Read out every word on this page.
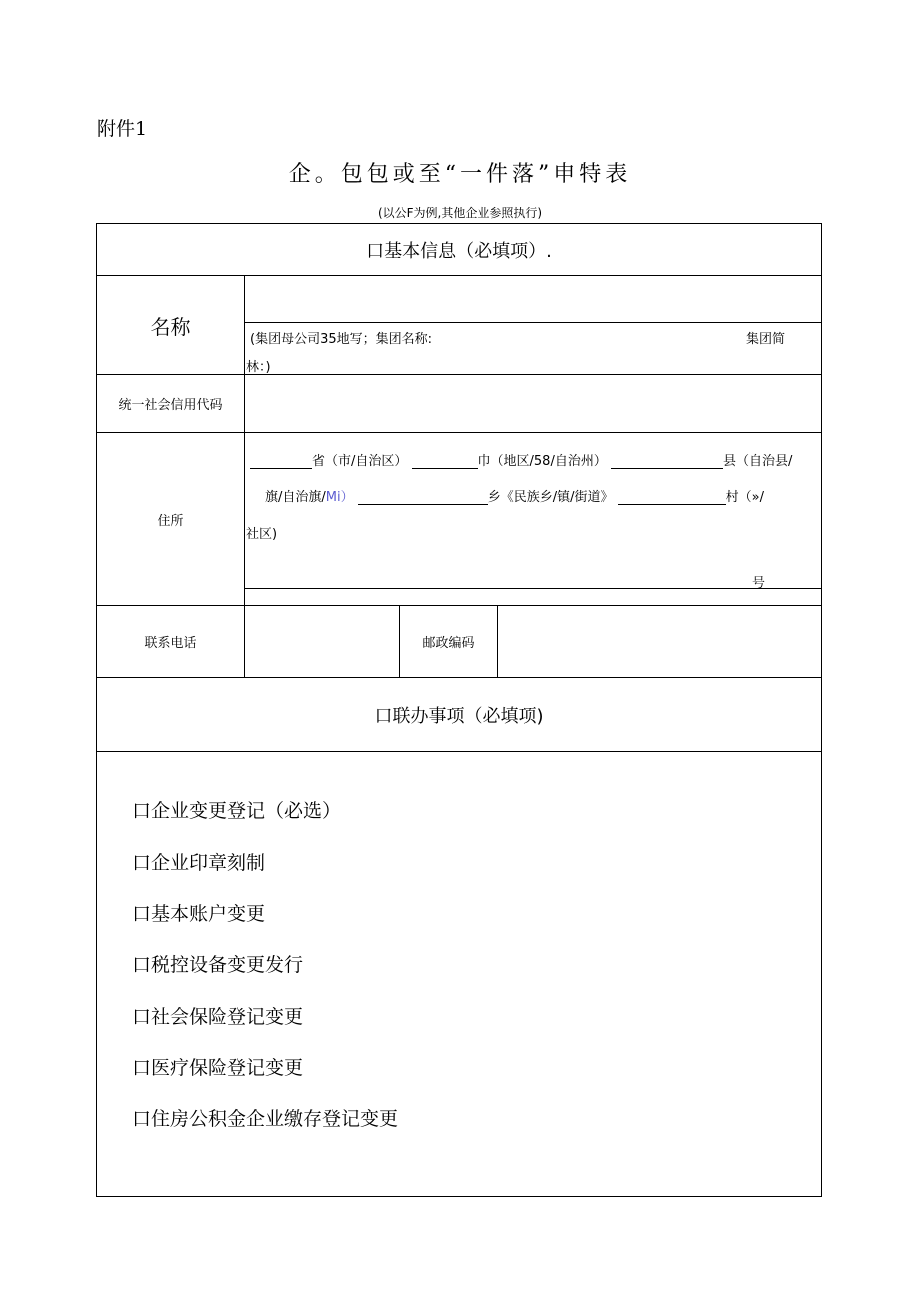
附件1
企。包包或至“一件落”申特表
(以公F为例,其他企业参照执行)
口基本信息（必填项）.
名称
(集团母公司35地写；集团名称:	集团简
林：)
统一社会信用代码
住所
省（市/自治区）	巾（地区/58/自治州）	县（自治县/
旗/自治旗/Mi）	乡《民族乡/镇/街道》	村（»/
社区)
号
联系电话	邮政编码
口联办事项（必填项)
口企业变更登记（必选）
口企业印章刻制
口基本账户变更
口税控设备变更发行
口社会保险登记变更
口医疗保险登记变更
口住房公积金企业缴存登记变更
